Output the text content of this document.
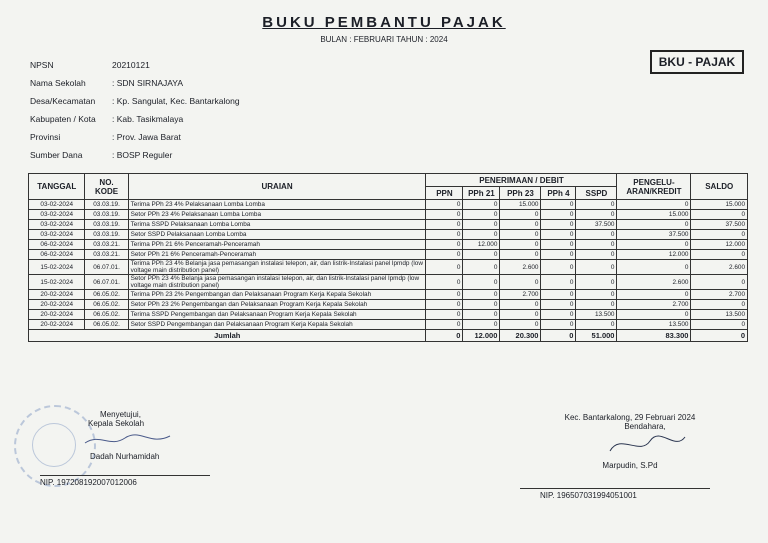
BUKU PEMBANTU PAJAK
BULAN : FEBRUARI TAHUN : 2024
BKU - PAJAK
NPSN	20210121
Nama Sekolah	: SDN SIRNAJAYA
Desa/Kecamatan	: Kp. Sangulat, Kec. Bantarkalong
Kabupaten / Kota	: Kab. Tasikmalaya
Provinsi	: Prov. Jawa Barat
Sumber Dana	: BOSP Reguler
TANGGAL	NO. KODE	URAIAN	PENERIMAAN / DEBIT					PENGELU- ARAN/KREDIT	SALDO
			PPN	PPh 21	PPh 23	PPh 4	SSPD		
03-02-2024	03.03.19.	Terima PPh 23 4% Pelaksanaan Lomba Lomba	0	0	15.000	0	0	0	15.000
03-02-2024	03.03.19.	Setor PPh 23 4% Pelaksanaan Lomba Lomba	0	0	0	0	0	15.000	0
03-02-2024	03.03.19.	Terima SSPD Pelaksanaan Lomba Lomba	0	0	0	0	37.500	0	37.500
03-02-2024	03.03.19.	Setor SSPD Pelaksanaan Lomba Lomba	0	0	0	0	0	37.500	0
06-02-2024	03.03.21.	Terima PPh 21 6% Penceramah-Penceramah	0	12.000	0	0	0	0	12.000
06-02-2024	03.03.21.	Setor PPh 21 6% Penceramah-Penceramah	0	0	0	0	0	12.000	0
15-02-2024	06.07.01.	Terima PPh 23 4% Belanja jasa pemasangan instalasi telepon, air, dan listrik-Instalasi panel lpmdp (low voltage main distribution panel)	0	0	2.600	0	0	0	2.600
15-02-2024	06.07.01.	Setor PPh 23 4% Belanja jasa pemasangan instalasi telepon, air, dan listrik-Instalasi panel lpmdp (low voltage main distribution panel)	0	0	0	0	0	2.600	0
20-02-2024	06.05.02.	Terima PPh 23 2% Pengembangan dan Pelaksanaan Program Kerja Kepala Sekolah	0	0	2.700	0	0	0	2.700
20-02-2024	06.05.02.	Setor PPh 23 2% Pengembangan dan Pelaksanaan Program Kerja Kepala Sekolah	0	0	0	0	0	2.700	0
20-02-2024	06.05.02.	Terima SSPD Pengembangan dan Pelaksanaan Program Kerja Kepala Sekolah	0	0	0	0	13.500	0	13.500
20-02-2024	06.05.02.	Setor SSPD Pengembangan dan Pelaksanaan Program Kerja Kepala Sekolah	0	0	0	0	0	13.500	0
Jumlah			0	12.000	20.300	0	51.000	83.300	0
Menyetujui,
Kepala Sekolah
Dadah Nurhamidah
NIP. 197208192007012006
Kec. Bantarkalong, 29 Februari 2024
Bendahara,
Marpudin, S.Pd
NIP. 196507031994051001
